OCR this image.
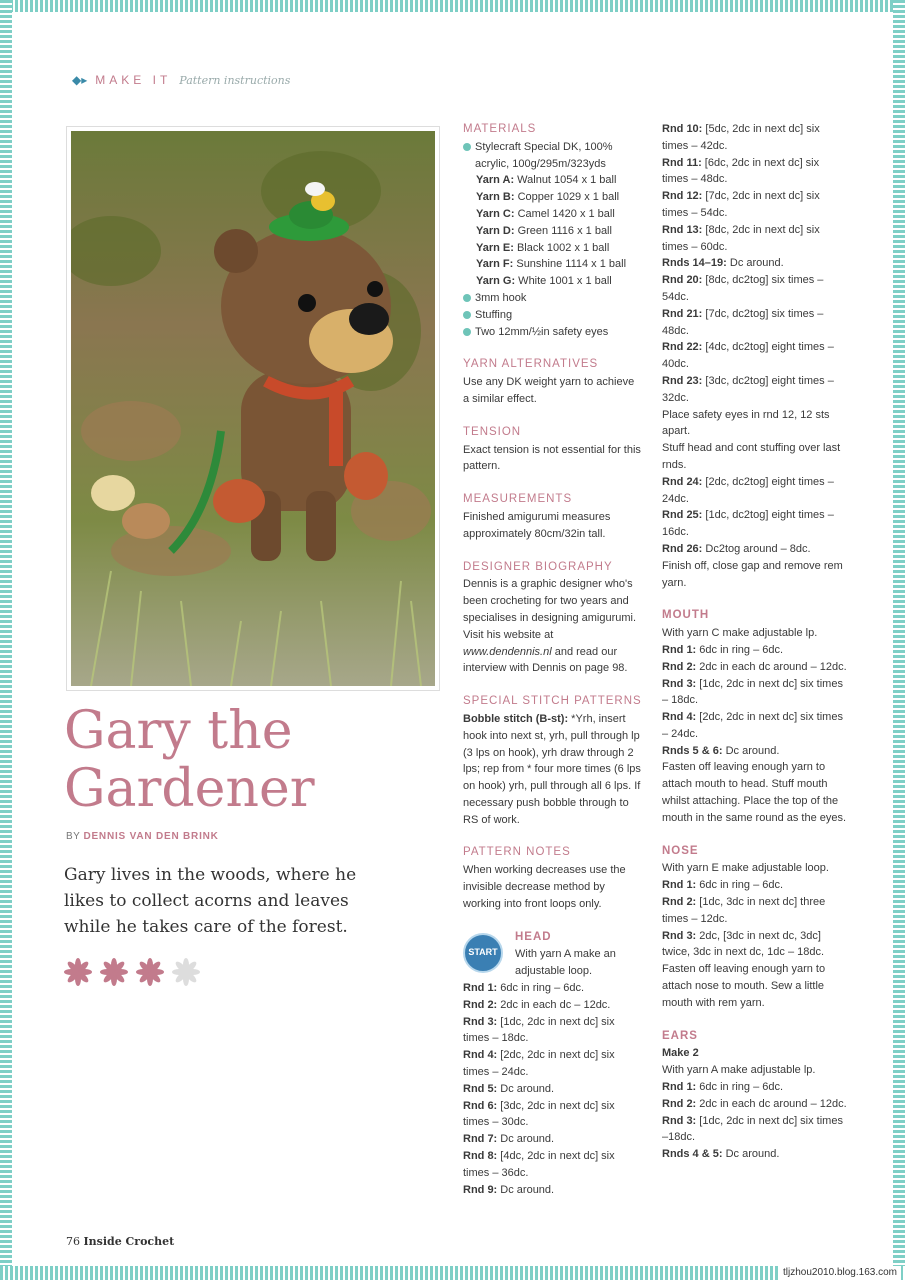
◆▸ MAKE IT Pattern instructions
Gary the
Gardener
BY DENNIS VAN DEN BRINK
Gary lives in the woods, where he likes to collect acorns and leaves while he takes care of the forest.
MATERIALS

Stylecraft Special DK, 100% acrylic, 100g/295m/323yds

Yarn A: Walnut 1054 x 1 ball

Yarn B: Copper 1029 x 1 ball

Yarn C: Camel 1420 x 1 ball

Yarn D: Green 1116 x 1 ball

Yarn E: Black 1002 x 1 ball

Yarn F: Sunshine 1114 x 1 ball

Yarn G: White 1001 x 1 ball

3mm hook

Stuffing

Two 12mm/½in safety eyes

YARN ALTERNATIVES

Use any DK weight yarn to achieve a similar effect.

TENSION

Exact tension is not essential for this pattern.

MEASUREMENTS

Finished amigurumi measures approximately 80cm/32in tall.

DESIGNER BIOGRAPHY

Dennis is a graphic designer who's been crocheting for two years and specialises in designing amigurumi. Visit his website at www.dendennis.nl and read our interview with Dennis on page 98.

SPECIAL STITCH PATTERNS

Bobble stitch (B-st): *Yrh, insert hook into next st, yrh, pull through lp (3 lps on hook), yrh draw through 2 lps; rep from * four more times (6 lps on hook) yrh, pull through all 6 lps. If necessary push bobble through to RS of work.

PATTERN NOTES

When working decreases use the invisible decrease method by working into front loops only.

START
HEAD

With yarn A make an adjustable loop.

Rnd 1: 6dc in ring – 6dc.

Rnd 2: 2dc in each dc – 12dc.

Rnd 3: [1dc, 2dc in next dc] six times – 18dc.

Rnd 4: [2dc, 2dc in next dc] six times – 24dc.

Rnd 5: Dc around.

Rnd 6: [3dc, 2dc in next dc] six times – 30dc.

Rnd 7: Dc around.

Rnd 8: [4dc, 2dc in next dc] six times – 36dc.

Rnd 9: Dc around.

Rnd 10: [5dc, 2dc in next dc] six times – 42dc.

Rnd 11: [6dc, 2dc in next dc] six times – 48dc.

Rnd 12: [7dc, 2dc in next dc] six times – 54dc.

Rnd 13: [8dc, 2dc in next dc] six times – 60dc.

Rnds 14–19: Dc around.

Rnd 20: [8dc, dc2tog] six times – 54dc.

Rnd 21: [7dc, dc2tog] six times – 48dc.

Rnd 22: [4dc, dc2tog] eight times – 40dc.

Rnd 23: [3dc, dc2tog] eight times – 32dc.

Place safety eyes in rnd 12, 12 sts apart.

Stuff head and cont stuffing over last rnds.

Rnd 24: [2dc, dc2tog] eight times – 24dc.

Rnd 25: [1dc, dc2tog] eight times – 16dc.

Rnd 26: Dc2tog around – 8dc.

Finish off, close gap and remove rem yarn.

MOUTH

With yarn C make adjustable lp.

Rnd 1: 6dc in ring – 6dc.

Rnd 2: 2dc in each dc around – 12dc.

Rnd 3: [1dc, 2dc in next dc] six times – 18dc.

Rnd 4: [2dc, 2dc in next dc] six times – 24dc.

Rnds 5 & 6: Dc around.

Fasten off leaving enough yarn to attach mouth to head. Stuff mouth whilst attaching. Place the top of the mouth in the same round as the eyes.

NOSE

With yarn E make adjustable loop.

Rnd 1: 6dc in ring – 6dc.

Rnd 2: [1dc, 3dc in next dc] three times – 12dc.

Rnd 3: 2dc, [3dc in next dc, 3dc] twice, 3dc in next dc, 1dc – 18dc.

Fasten off leaving enough yarn to attach nose to mouth. Sew a little mouth with rem yarn.

EARS

Make 2

With yarn A make adjustable lp.

Rnd 1: 6dc in ring – 6dc.

Rnd 2: 2dc in each dc around – 12dc.

Rnd 3: [1dc, 2dc in next dc] six times –18dc.

Rnds 4 & 5: Dc around.

76 Inside Crochet
tljzhou2010.blog.163.com
